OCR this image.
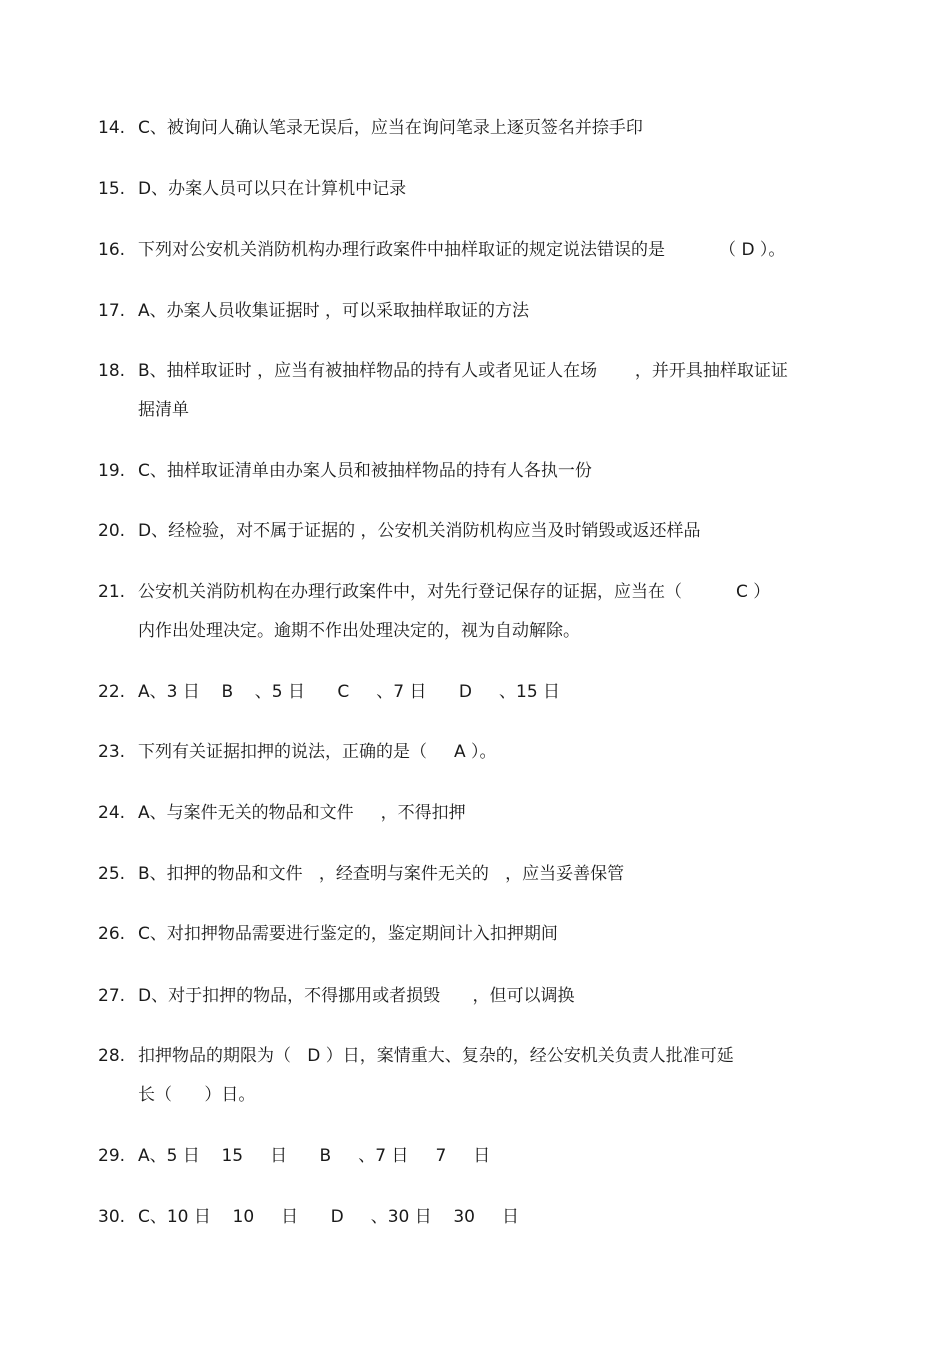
14. C、被询问人确认笔录无误后，应当在询问笔录上逐页签名并捺手印
15. D、办案人员可以只在计算机中记录
16. 下列对公安机关消防机构办理行政案件中抽样取证的规定说法错误的是          （ D ）。
17. A、办案人员收集证据时 ，可以采取抽样取证的方法
18. B、抽样取证时 ，应当有被抽样物品的持有人或者见证人在场       ，并开具抽样取证证
据清单
19. C、抽样取证清单由办案人员和被抽样物品的持有人各执一份
20. D、经检验，对不属于证据的 ，公安机关消防机构应当及时销毁或返还样品
21. 公安机关消防机构在办理行政案件中，对先行登记保存的证据，应当在（          C ）
内作出处理决定。逾期不作出处理决定的，视为自动解除。
22. A、3 日    B    、5 日      C     、7 日      D     、15 日
23. 下列有关证据扣押的说法，正确的是（     A ）。
24. A、与案件无关的物品和文件     ，不得扣押
25. B、扣押的物品和文件   ，经查明与案件无关的   ，应当妥善保管
26. C、对扣押物品需要进行鉴定的，鉴定期间计入扣押期间
27. D、对于扣押的物品，不得挪用或者损毁      ，但可以调换
28. 扣押物品的期限为（   D ）日，案情重大、复杂的，经公安机关负责人批准可延
长（      ）日。
29. A、5 日    15     日      B     、7 日     7     日
30. C、10 日    10     日      D     、30 日    30     日
